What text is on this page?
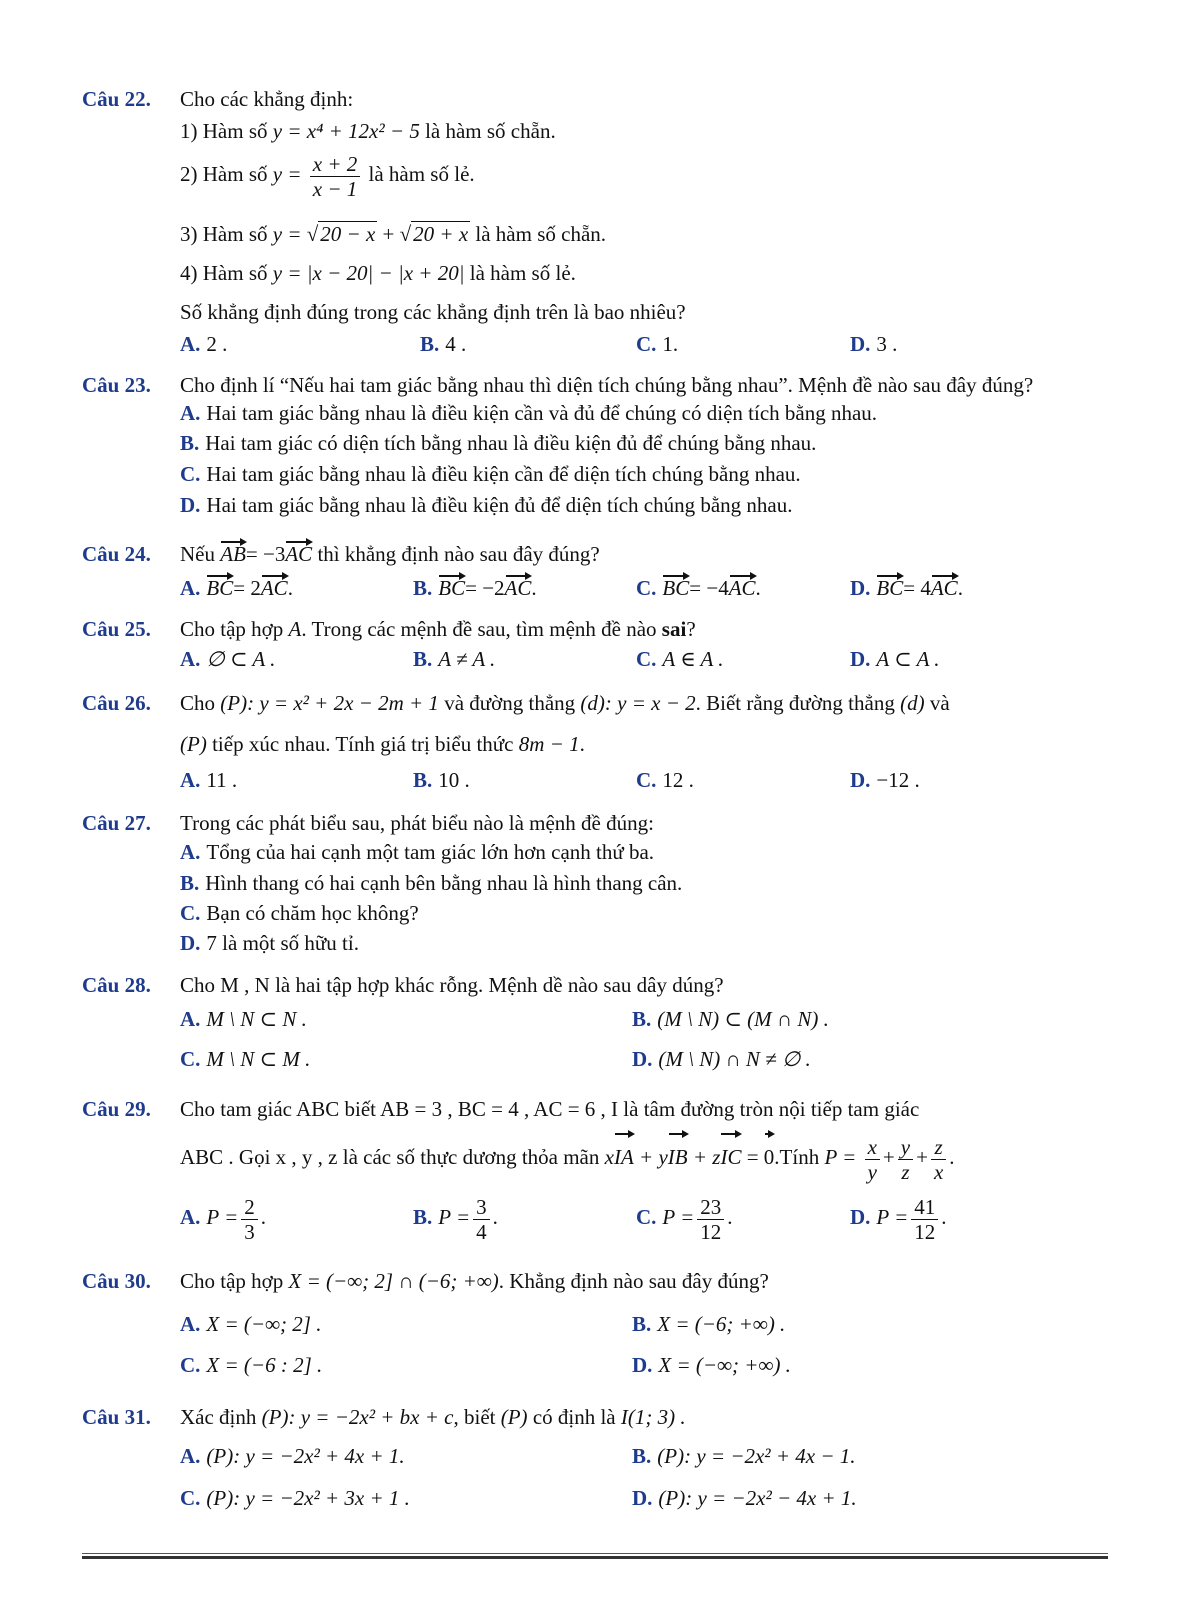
Câu 22. Cho các khẳng định:
1) Hàm số y = x⁴ + 12x² − 5 là hàm số chẵn.
2) Hàm số $y = \frac{x + 2}{x - 1}$ là hàm số lẻ.
3) Hàm số y = √20 − x + √20 + x là hàm số chẵn.
4) Hàm số y = |x − 20| − |x + 20| là hàm số lẻ.
Số khẳng định đúng trong các khẳng định trên là bao nhiêu?
A. 2 .	B. 4 .	C. 1.	D. 3 .
Câu 23. Cho định lí “Nếu hai tam giác bằng nhau thì diện tích chúng bằng nhau”. Mệnh đề nào sau đây đúng?
A. Hai tam giác bằng nhau là điều kiện cần và đủ để chúng có diện tích bằng nhau.
B. Hai tam giác có diện tích bằng nhau là điều kiện đủ để chúng bằng nhau.
C. Hai tam giác bằng nhau là điều kiện cần để diện tích chúng bằng nhau.
D. Hai tam giác bằng nhau là điều kiện đủ để diện tích chúng bằng nhau.
Câu 24. Nếu AB= −3AC thì khẳng định nào sau đây đúng?
A. BC= 2AC.	B. BC= −2AC.	C. BC= −4AC.	D. BC= 4AC.
Câu 25. Cho tập hợp A. Trong các mệnh đề sau, tìm mệnh đề nào sai?
A. ∅ ⊂ A .	B. A ≠ A .	C. A ∈ A .	D. A ⊂ A .
Câu 26. Cho (P): y = x² + 2x − 2m + 1 và đường thẳng (d): y = x − 2. Biết rằng đường thẳng (d) và
(P) tiếp xúc nhau. Tính giá trị biểu thức 8m − 1.
A. 11 .	B. 10 .	C. 12 .	D. −12 .
Câu 27. Trong các phát biểu sau, phát biểu nào là mệnh đề đúng:
A. Tổng của hai cạnh một tam giác lớn hơn cạnh thứ ba.
B. Hình thang có hai cạnh bên bằng nhau là hình thang cân.
C. Bạn có chăm học không?
D. 7 là một số hữu tỉ.
Câu 28. Cho M , N là hai tập hợp khác rỗng. Mệnh dề nào sau dây dúng?
A. M \ N ⊂ N .	B. (M \ N) ⊂ (M ∩ N) .
C. M \ N ⊂ M .	D. (M \ N) ∩ N ≠ ∅ .
Câu 29. Cho tam giác ABC biết AB = 3 , BC = 4 , AC = 6 , I là tâm đường tròn nội tiếp tam giác
ABC . Gọi x , y , z là các số thực dương thỏa mãn xIA + yIB + zIC = 0.Tính $P = \frac{x}{y} + \frac{y}{z} + \frac{z}{x}$ .
A. $P = \frac{2}{3}$ .	B. $P = \frac{3}{4}$ .	C. $P = \frac{23}{12}$ .	D. $P = \frac{41}{12}$ .
Câu 30. Cho tập hợp X = (−∞; 2] ∩ (−6; +∞). Khẳng định nào sau đây đúng?
A. X = (−∞; 2] .	B. X = (−6; +∞) .
C. X = (−6 : 2] .	D. X = (−∞; +∞) .
Câu 31. Xác định (P): y = −2x² + bx + c, biết (P) có định là I(1; 3) .
A. (P): y = −2x² + 4x + 1.	B. (P): y = −2x² + 4x − 1.
C. (P): y = −2x² + 3x + 1 .	D. (P): y = −2x² − 4x + 1.
